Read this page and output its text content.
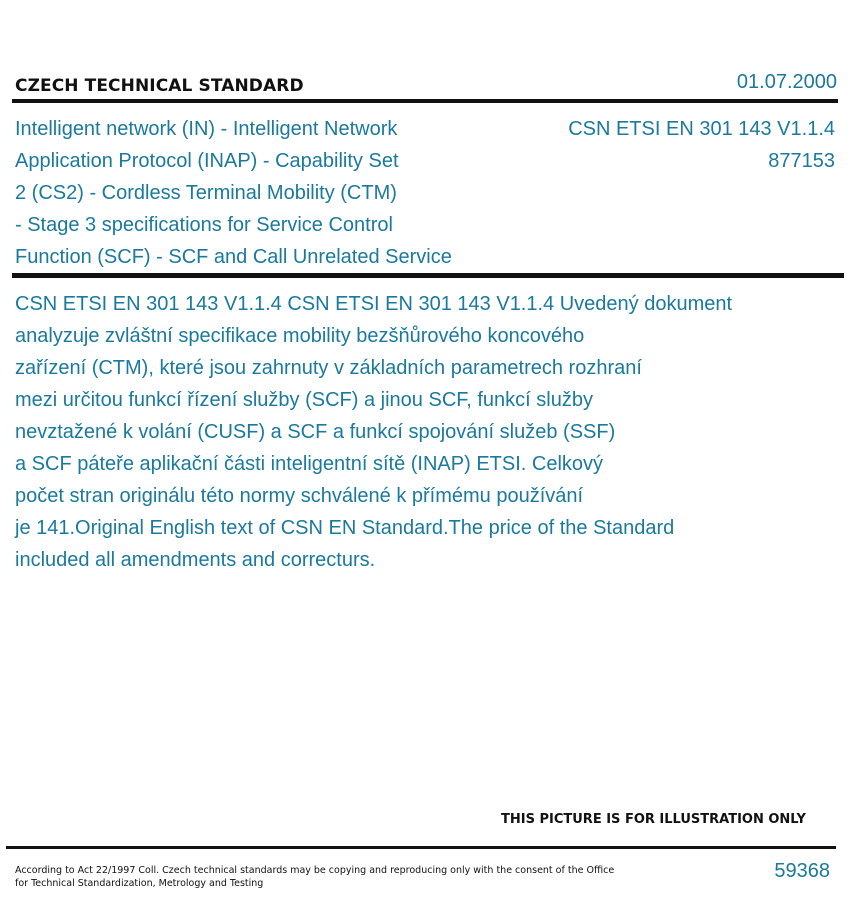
CZECH TECHNICAL STANDARD	01.07.2000
Intelligent network (IN) - Intelligent Network
Application Protocol (INAP) - Capability Set
2 (CS2) - Cordless Terminal Mobility (CTM)
- Stage 3 specifications for Service Control
Function (SCF) - SCF and Call Unrelated Service
CSN ETSI EN 301 143 V1.1.4
877153
CSN ETSI EN 301 143 V1.1.4 CSN ETSI EN 301 143 V1.1.4 Uvedený dokument
analyzuje zvláštní specifikace mobility bezšňůrového koncového
zařízení (CTM), které jsou zahrnuty v základních parametrech rozhraní
mezi určitou funkcí řízení služby (SCF) a jinou SCF, funkcí služby
nevztažené k volání (CUSF) a SCF a funkcí spojování služeb (SSF)
a SCF páteře aplikační části inteligentní sítě (INAP) ETSI. Celkový
počet stran originálu této normy schválené k přímému používání
je 141.Original English text of CSN EN Standard.The price of the Standard
included all amendments and correcturs.
THIS PICTURE IS FOR ILLUSTRATION ONLY
According to Act 22/1997 Coll. Czech technical standards may be copying and reproducing only with the consent of the Office
for Technical Standardization, Metrology and Testing
59368
